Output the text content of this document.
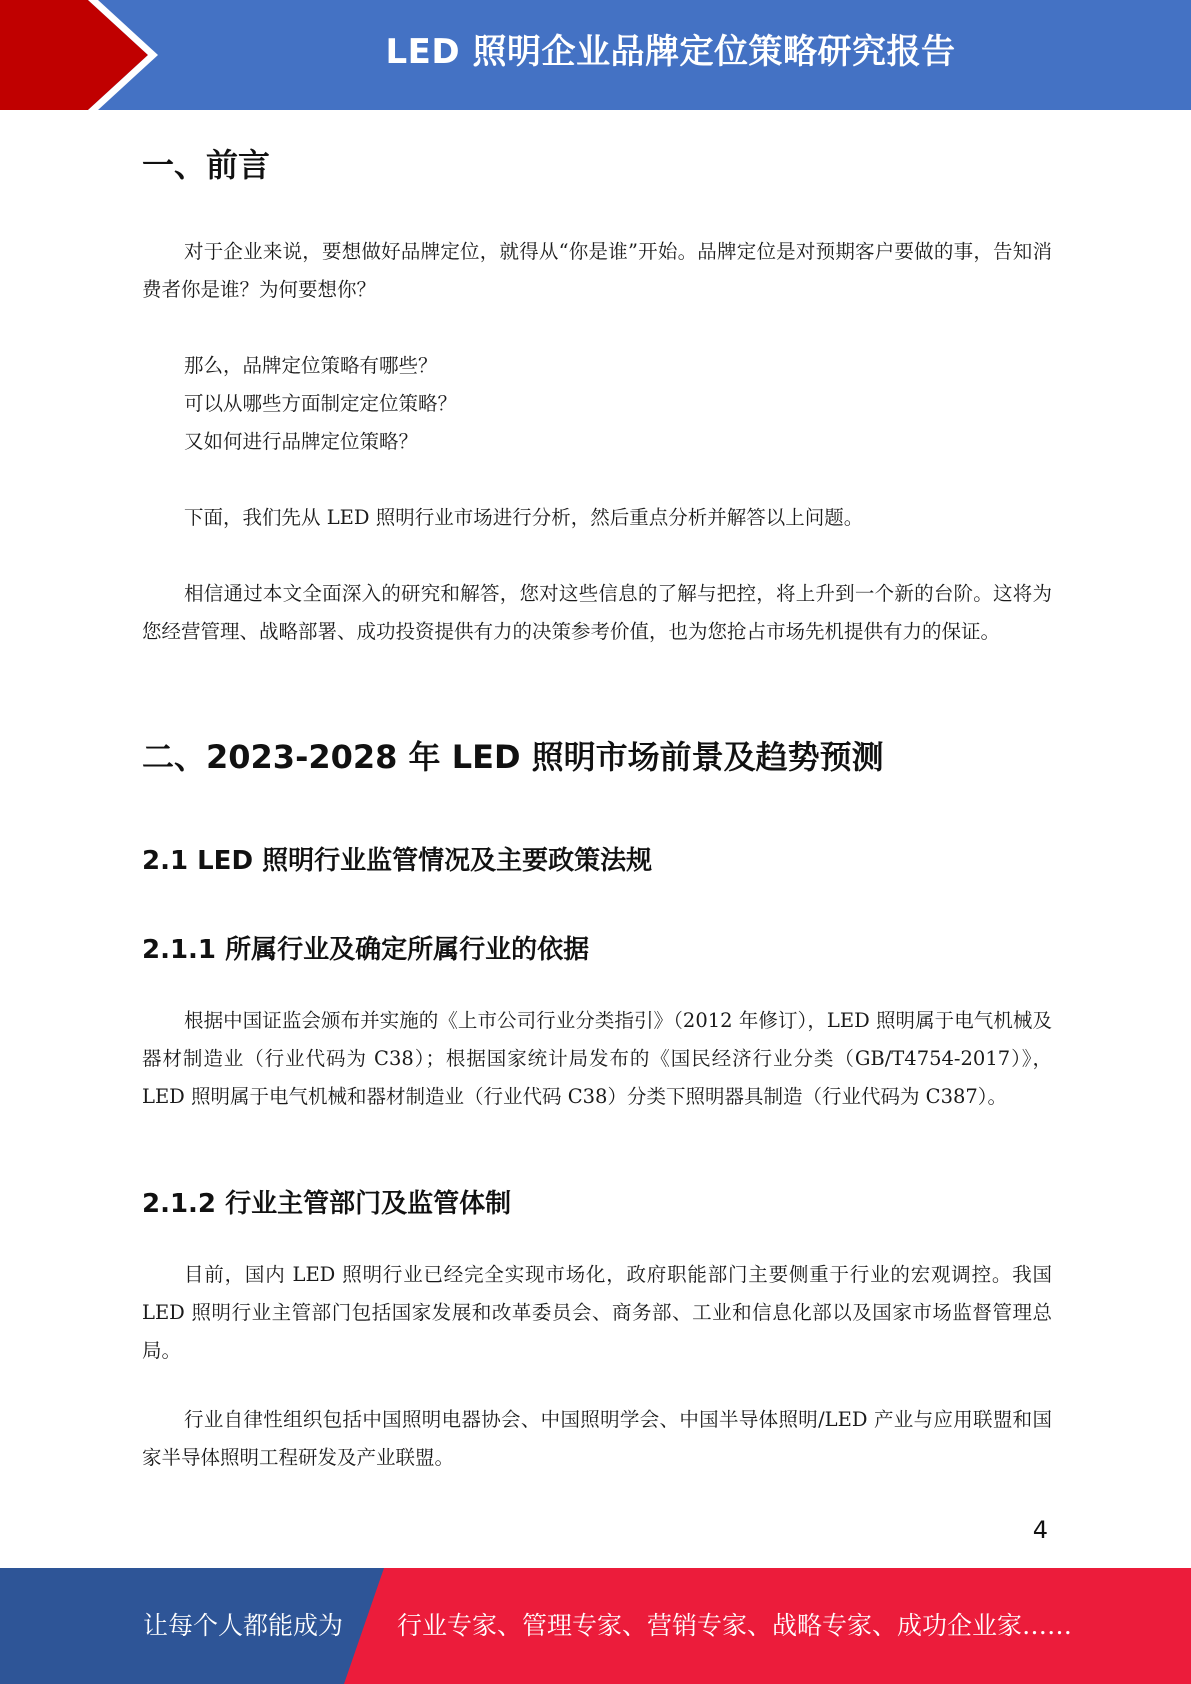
LED 照明企业品牌定位策略研究报告
一、前言

对于企业来说，要想做好品牌定位，就得从“你是谁”开始。品牌定位是对预期客户要做的事，告知消费者你是谁？为何要想你？

那么，品牌定位策略有哪些？

可以从哪些方面制定定位策略？

又如何进行品牌定位策略？

下面，我们先从 LED 照明行业市场进行分析，然后重点分析并解答以上问题。

相信通过本文全面深入的研究和解答，您对这些信息的了解与把控，将上升到一个新的台阶。这将为您经营管理、战略部署、成功投资提供有力的决策参考价值，也为您抢占市场先机提供有力的保证。

二、2023-2028 年 LED 照明市场前景及趋势预测
2.1 LED 照明行业监管情况及主要政策法规
2.1.1 所属行业及确定所属行业的依据

根据中国证监会颁布并实施的《上市公司行业分类指引》（2012 年修订），LED 照明属于电气机械及器材制造业（行业代码为 C38）；根据国家统计局发布的《国民经济行业分类（GB/T4754-2017）》，LED 照明属于电气机械和器材制造业（行业代码 C38）分类下照明器具制造（行业代码为 C387）。

2.1.2 行业主管部门及监管体制

目前，国内 LED 照明行业已经完全实现市场化，政府职能部门主要侧重于行业的宏观调控。我国 LED 照明行业主管部门包括国家发展和改革委员会、商务部、工业和信息化部以及国家市场监督管理总局。

行业自律性组织包括中国照明电器协会、中国照明学会、中国半导体照明/LED 产业与应用联盟和国家半导体照明工程研发及产业联盟。

4
让每个人都能成为 行业专家、管理专家、营销专家、战略专家、成功企业家……
